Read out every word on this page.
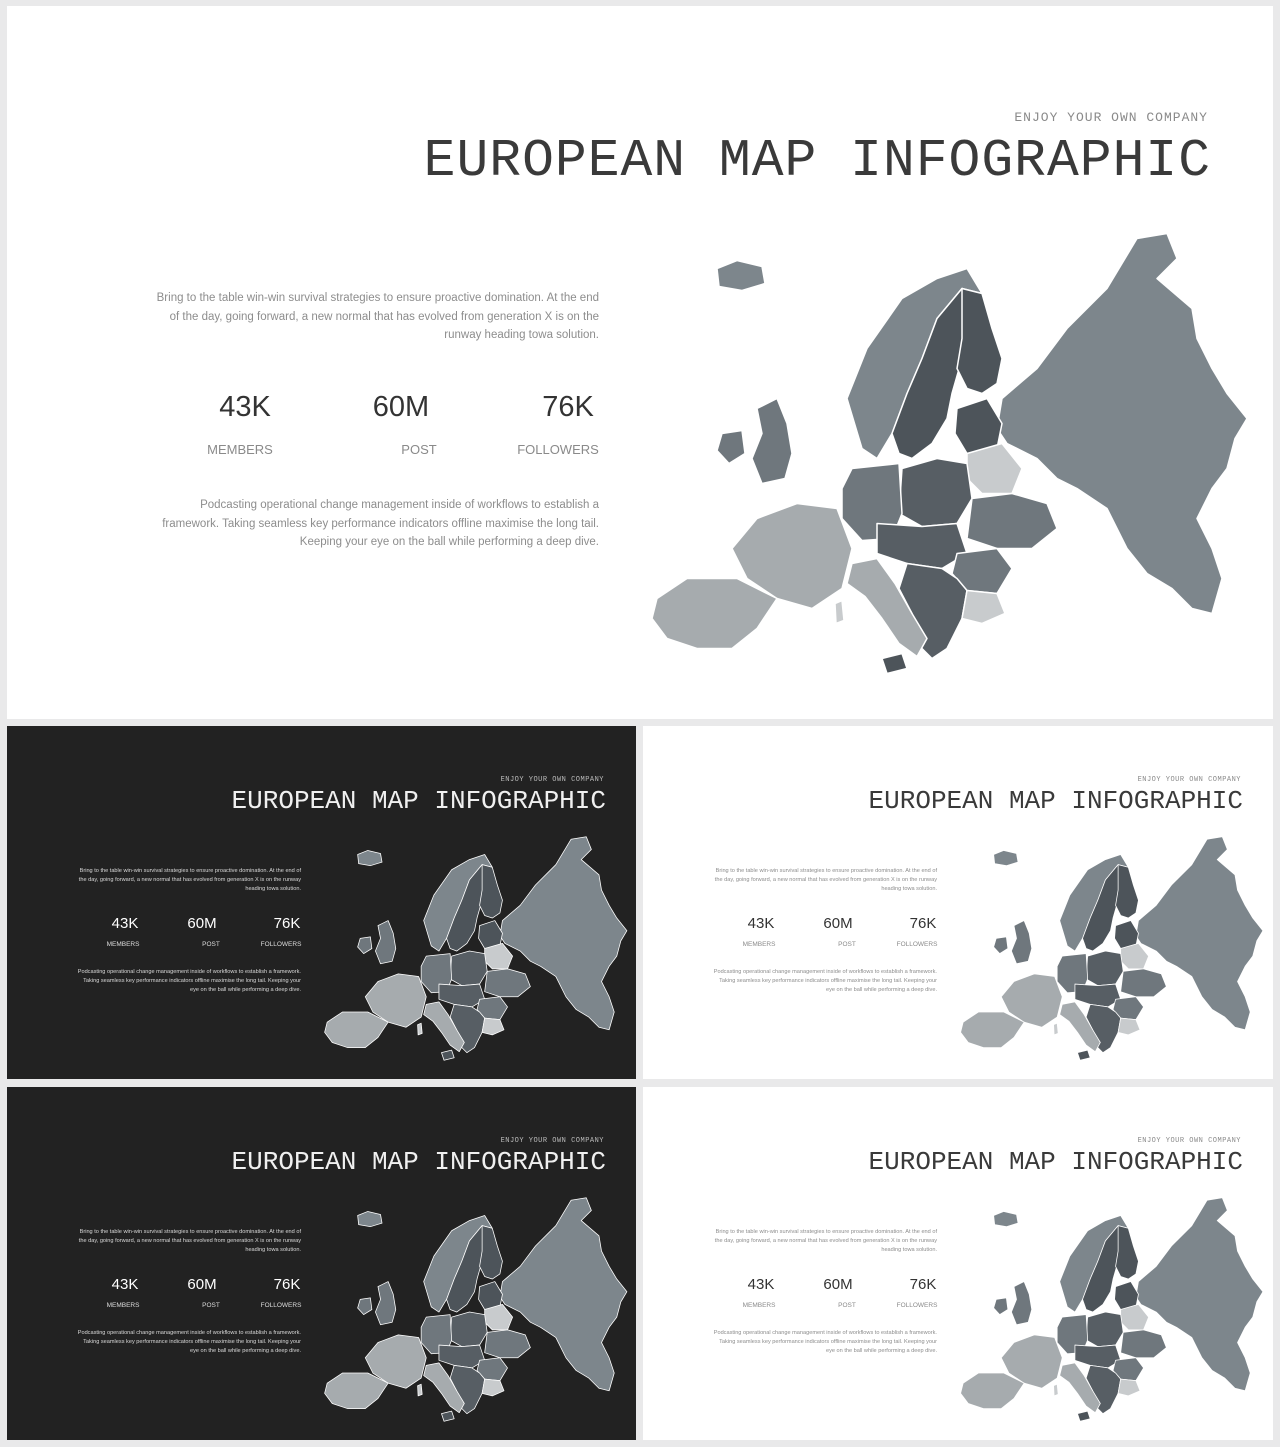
ENJOY YOUR OWN COMPANY
EUROPEAN MAP INFOGRAPHIC
Bring to the table win-win survival strategies to ensure proactive domination. At the end of the day, going forward, a new normal that has evolved from generation X is on the runway heading towa solution.
43K
MEMBERS
60M
POST
76K
FOLLOWERS
Podcasting operational change management inside of workflows to establish a framework. Taking seamless key performance indicators offline maximise the long tail. Keeping your eye on the ball while performing a deep dive.
ENJOY YOUR OWN COMPANY
EUROPEAN MAP INFOGRAPHIC
Bring to the table win-win survival strategies to ensure proactive domination. At the end of the day, going forward, a new normal that has evolved from generation X is on the runway heading towa solution.
43K
MEMBERS
60M
POST
76K
FOLLOWERS
Podcasting operational change management inside of workflows to establish a framework. Taking seamless key performance indicators offline maximise the long tail. Keeping your eye on the ball while performing a deep dive.
ENJOY YOUR OWN COMPANY
EUROPEAN MAP INFOGRAPHIC
Bring to the table win-win survival strategies to ensure proactive domination. At the end of the day, going forward, a new normal that has evolved from generation X is on the runway heading towa solution.
43K
MEMBERS
60M
POST
76K
FOLLOWERS
Podcasting operational change management inside of workflows to establish a framework. Taking seamless key performance indicators offline maximise the long tail. Keeping your eye on the ball while performing a deep dive.
ENJOY YOUR OWN COMPANY
EUROPEAN MAP INFOGRAPHIC
Bring to the table win-win survival strategies to ensure proactive domination. At the end of the day, going forward, a new normal that has evolved from generation X is on the runway heading towa solution.
43K
MEMBERS
60M
POST
76K
FOLLOWERS
Podcasting operational change management inside of workflows to establish a framework. Taking seamless key performance indicators offline maximise the long tail. Keeping your eye on the ball while performing a deep dive.
ENJOY YOUR OWN COMPANY
EUROPEAN MAP INFOGRAPHIC
Bring to the table win-win survival strategies to ensure proactive domination. At the end of the day, going forward, a new normal that has evolved from generation X is on the runway heading towa solution.
43K
MEMBERS
60M
POST
76K
FOLLOWERS
Podcasting operational change management inside of workflows to establish a framework. Taking seamless key performance indicators offline maximise the long tail. Keeping your eye on the ball while performing a deep dive.
